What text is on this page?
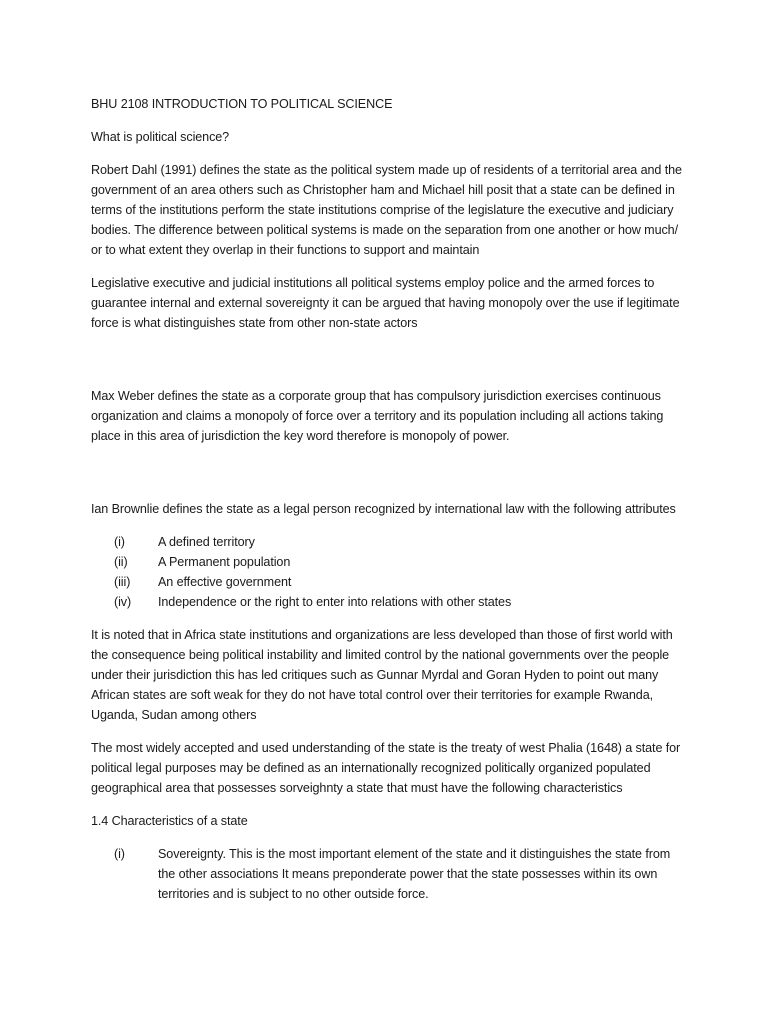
BHU 2108 INTRODUCTION TO POLITICAL SCIENCE

What is political science?

Robert Dahl (1991) defines the state as the political system made up of residents of a territorial area and the government of an area others such as Christopher ham and Michael hill posit that a state can be defined in terms of the institutions perform the state institutions comprise of the legislature the executive and judiciary bodies. The difference between political systems is made on the separation from one another or how much/ or to what extent they overlap in their functions to support and maintain

Legislative executive and judicial institutions all political systems employ police and the armed forces to guarantee internal and external sovereignty it can be argued that having monopoly over the use if legitimate force is what distinguishes state from other non-state actors

Max Weber defines the state as a corporate group that has compulsory jurisdiction exercises continuous organization and claims a monopoly of force over a territory and its population including all actions taking place in this area of jurisdiction the key word therefore is monopoly of power.

Ian Brownlie defines the state as a legal person recognized by international law with the following attributes

(i)	A defined territory
(ii)	A Permanent population
(iii)	An effective government
(iv)	Independence or the right to enter into relations with other states

It is noted that in Africa state institutions and organizations are less developed than those of first world with the consequence being political instability and limited control by the national governments over the people under their jurisdiction this has led critiques such as Gunnar Myrdal and Goran Hyden to point out many African states are soft weak for they do not have total control over their territories for example Rwanda, Uganda, Sudan among others

The most widely accepted and used understanding of the state is the treaty of west Phalia (1648) a state for political legal purposes may be defined as an internationally recognized politically organized populated geographical area that possesses sorveighnty a state that must have the following characteristics

1.4 Characteristics of a state

(i)	Sovereignty. This is the most important element of the state and it distinguishes the state from the other associations It means preponderate power that the state possesses within its own territories and is subject to no other outside force.
